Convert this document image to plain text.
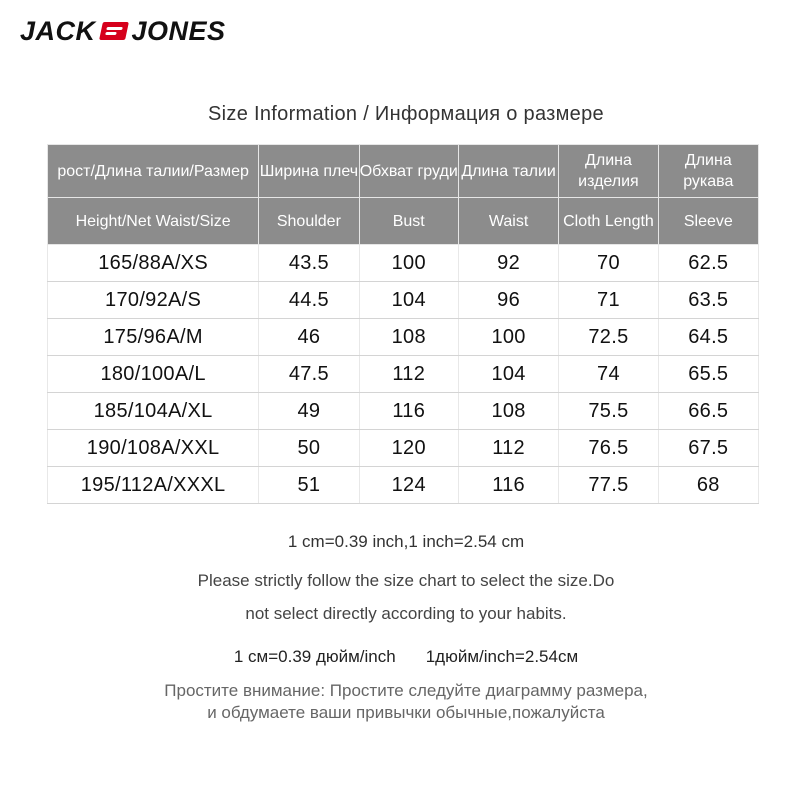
JACK JONES
Size Information / Информация о размере
рост/Длина талии/Размер	Ширина плеч	Обхват груди	Длина талии	Длина изделия	Длина рукава
Height/Net Waist/Size	Shoulder	Bust	Waist	Cloth Length	Sleeve
165/88A/XS	43.5	100	92	70	62.5
170/92A/S	44.5	104	96	71	63.5
175/96A/M	46	108	100	72.5	64.5
180/100A/L	47.5	112	104	74	65.5
185/104A/XL	49	116	108	75.5	66.5
190/108A/XXL	50	120	112	76.5	67.5
195/112A/XXXL	51	124	116	77.5	68
1 cm=0.39 inch,1 inch=2.54 cm
Please strictly follow the size chart to select the size.Do
not select directly according to your habits.
1 см=0.39 дюйм/inch 1дюйм/inch=2.54см
Простите внимание: Простите следуйте диаграмму размера,
и обдумаете ваши привычки обычные,пожалуйста
